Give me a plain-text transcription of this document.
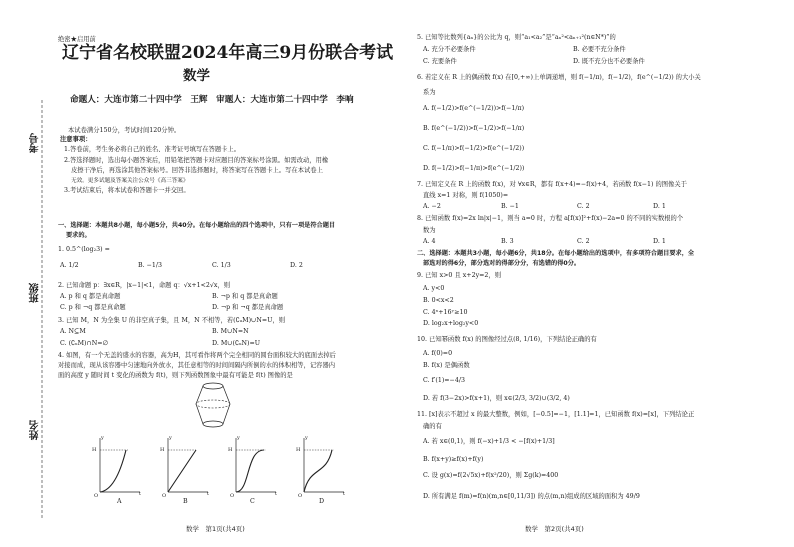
绝密★启用前
辽宁省名校联盟2024年高三9月份联合考试
数学
命题人：大连市第二十四中学　王辉　审题人：大连市第二十四中学　李响
考号
班级
姓名
本试卷满分150分，考试时间120分钟。
注意事项：
1.答卷前，考生务必将自己的姓名、准考证号填写在答题卡上。
2.答选择题时，选出每小题答案后，用铅笔把答题卡对应题目的答案标号涂黑。如需改动，用橡
皮擦干净后，再选涂其他答案标号。回答非选择题时，将答案写在答题卡上。写在本试卷上
无效。更多试题及答案关注公众号《高三答案》
3.考试结束后，将本试卷和答题卡一并交回。
一、选择题：本题共8小题，每小题5分，共40分。在每小题给出的四个选项中，只有一项是符合题目
要求的。
1. 0.5^(log₂3) =
A. 1/2	B. −1/3	C. 1/3	D. 2
2. 已知命题 p：∃x∈R，|x−1|<1，命题 q：√x+1<2√x，则
A. p 和 q 都是真命题	B. ¬p 和 q 都是真命题
C. p 和 ¬q 都是真命题	D. ¬p 和 ¬q 都是真命题
3. 已知 M，N 为全集 U 的非空真子集，且 M，N 不相等，若(∁ᵤM)∪N=U，则
A. N⊆M	B. M∪N=N
C. (∁ᵤM)∩N=∅	D. M∪(∁ᵤN)=U
4. 如图，有一个无盖的盛水的容器，高为H，其可看作将两个完全相同的圆台面积较大的底面去掉后
对接而成，现从该容器中匀速地向外放水，其任意相等的时间间隔内所倒的水的体积相等，记容器内
面的高度 y 随时间 t 变化的函数为 f(t)，则下列函数图象中最有可能是 f(t) 图像的是
y
H
O	t
A
y
H
O	t
B
y
H
O	t
C
y
H
O	t
D
数学　第1页(共4页)
5. 已知等比数列{aₙ}的公比为 q，则“a₁<a₂”是“aₙ²<aₙ₊₁²(n∈N*)”的
A. 充分不必要条件	B. 必要不充分条件
C. 充要条件	D. 既不充分也不必要条件
6. 若定义在 R 上的偶函数 f(x) 在[0,+∞)上单调递增，则 f(−1/π)，f(−1/2)，f(e^(−1/2)) 的大小关
系为
A. f(−1/2)>f(e^(−1/2))>f(−1/π)
B. f(e^(−1/2))>f(−1/2)>f(−1/π)
C. f(−1/π)>f(−1/2)>f(e^(−1/2))
D. f(−1/2)>f(−1/π)>f(e^(−1/2))
7. 已知定义在 R 上的函数 f(x)，对 ∀x∈R，都有 f(x+4)=−f(x)+4，若函数 f(x−1) 的图像关于
直线 x=1 对称，则 f(1050)=
A. −2	B. −1	C. 2	D. 1
8. 已知函数 f(x)=2x ln|x|−1，则当 a=0 时，方程 a[f(x)]²+f(x)−2a=0 的不同的实数根的个
数为
A. 4	B. 3	C. 2	D. 1
二、选择题：本题共3小题，每小题6分，共18分。在每小题给出的选项中，有多项符合题目要求，全
部选对的得6分，部分选对的得部分分，有选错的得0分。
9. 已知 x>0 且 x+2y=2，则
A. y<0
B. 0<x<2
C. 4ˣ+16ʸ≥10
D. log₂x+log₂y<0
10. 已知幂函数 f(x) 的图像经过点(8, 1/16)，下列结论正确的有
A. f(0)=0
B. f(x) 是偶函数
C. f′(1)=−4/3
D. 若 f(3−2x)>f(x+1)，则 x∈(2/3, 3/2)∪(3/2, 4)
11. [x]表示不超过 x 的最大整数，例如，[−0.5]=−1，[1.1]=1，已知函数 f(x)=[x]，下列结论正
确的有
A. 若 x∈(0,1)，则 f(−x)+1/3 < −[f(x)+1/3]
B. f(x+y)≥f(x)+f(y)
C. 设 g(x)=f(2√5x)+f(x²/20)，则 Σg(k)=400
D. 所有满足 f(m)=f(n)(m,n∈[0,11/3]) 的点(m,n)组成的区域的面积为 49/9
数学　第2页(共4页)
